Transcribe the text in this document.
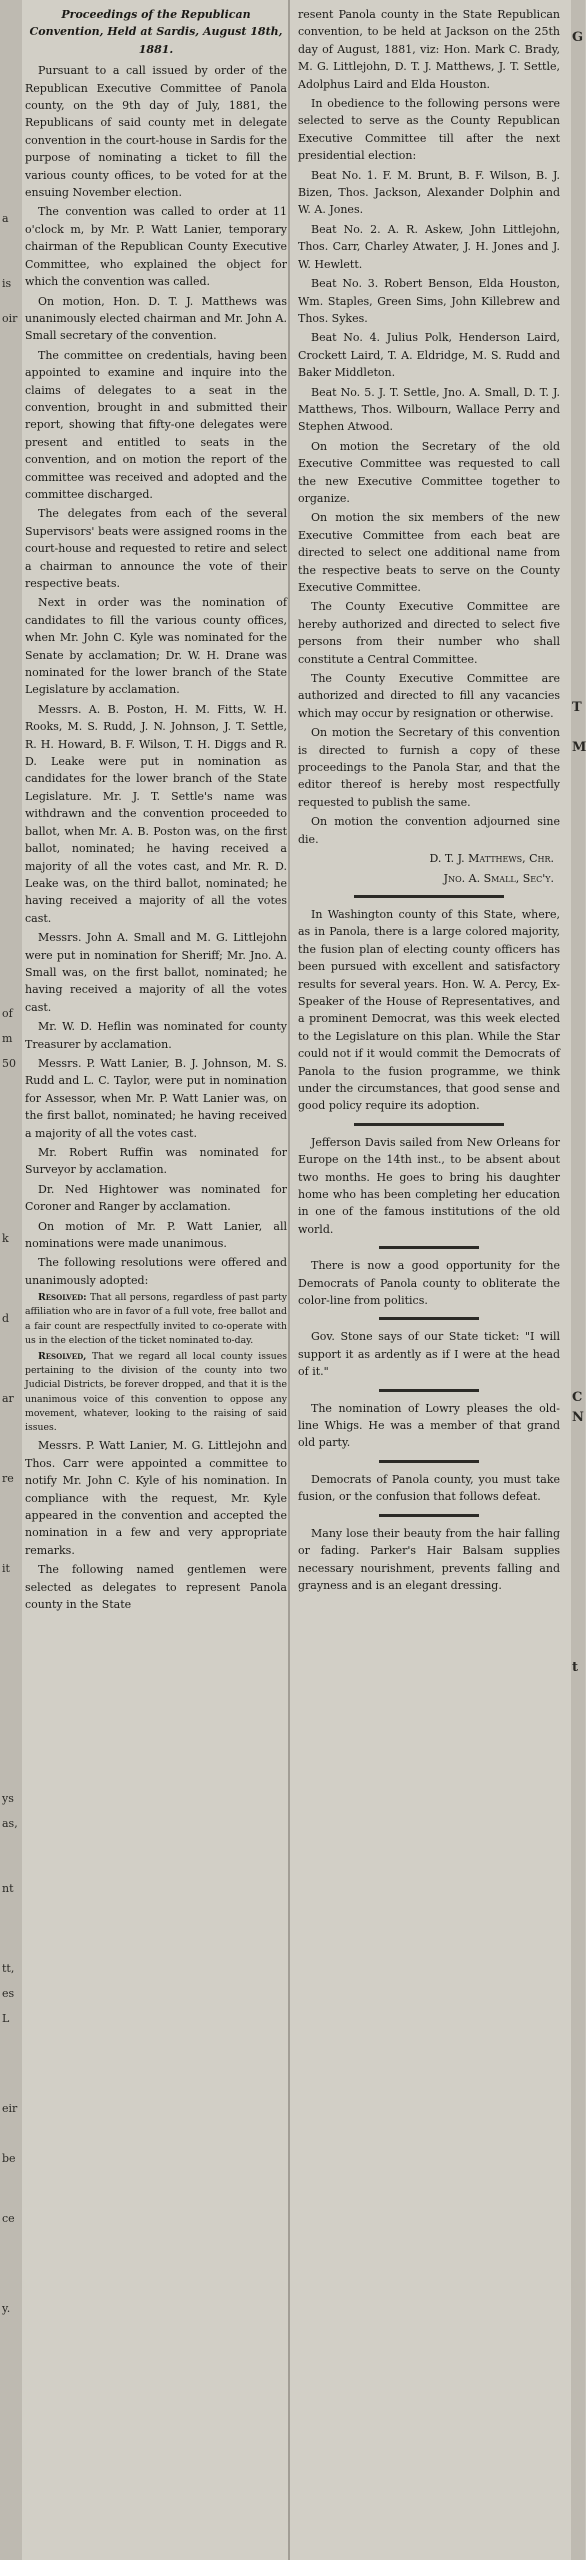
a
is
oir
of
m
50
k
d
ar
re
it
ys
as,
nt
tt,
es
L
eir
be
ce
y.
G
T
M
C
N
t

Proceedings of the Republican Convention, Held at Sardis, August 18th, 1881.

Pursuant to a call issued by order of the Republican Executive Committee of Panola county, on the 9th day of July, 1881, the Republicans of said county met in delegate convention in the court-house in Sardis for the purpose of nominating a ticket to fill the various county offices, to be voted for at the ensuing November election.

The convention was called to order at 11 o'clock m, by Mr. P. Watt Lanier, temporary chairman of the Republican County Executive Committee, who explained the object for which the convention was called.

On motion, Hon. D. T. J. Matthews was unanimously elected chairman and Mr. John A. Small secretary of the convention.

The committee on credentials, having been appointed to examine and inquire into the claims of delegates to a seat in the convention, brought in and submitted their report, showing that fifty-one delegates were present and entitled to seats in the convention, and on motion the report of the committee was received and adopted and the committee discharged.

The delegates from each of the several Supervisors' beats were assigned rooms in the court-house and requested to retire and select a chairman to announce the vote of their respective beats.

Next in order was the nomination of candidates to fill the various county offices, when Mr. John C. Kyle was nominated for the Senate by acclamation; Dr. W. H. Drane was nominated for the lower branch of the State Legislature by acclamation.

Messrs. A. B. Poston, H. M. Fitts, W. H. Rooks, M. S. Rudd, J. N. Johnson, J. T. Settle, R. H. Howard, B. F. Wilson, T. H. Diggs and R. D. Leake were put in nomination as candidates for the lower branch of the State Legislature. Mr. J. T. Settle's name was withdrawn and the convention proceeded to ballot, when Mr. A. B. Poston was, on the first ballot, nominated; he having received a majority of all the votes cast, and Mr. R. D. Leake was, on the third ballot, nominated; he having received a majority of all the votes cast.

Messrs. John A. Small and M. G. Littlejohn were put in nomination for Sheriff; Mr. Jno. A. Small was, on the first ballot, nominated; he having received a majority of all the votes cast.

Mr. W. D. Heflin was nominated for county Treasurer by acclamation.

Messrs. P. Watt Lanier, B. J. Johnson, M. S. Rudd and L. C. Taylor, were put in nomination for Assessor, when Mr. P. Watt Lanier was, on the first ballot, nominated; he having received a majority of all the votes cast.

Mr. Robert Ruffin was nominated for Surveyor by acclamation.

Dr. Ned Hightower was nominated for Coroner and Ranger by acclamation.

On motion of Mr. P. Watt Lanier, all nominations were made unanimous.

The following resolutions were offered and unanimously adopted:

Resolved: That all persons, regardless of past party affiliation who are in favor of a full vote, free ballot and a fair count are respectfully invited to co-operate with us in the election of the ticket nominated to-day.

Resolved, That we regard all local county issues pertaining to the division of the county into two Judicial Districts, be forever dropped, and that it is the unanimous voice of this convention to oppose any movement, whatever, looking to the raising of said issues.

Messrs. P. Watt Lanier, M. G. Littlejohn and Thos. Carr were appointed a committee to notify Mr. John C. Kyle of his nomination. In compliance with the request, Mr. Kyle appeared in the convention and accepted the nomination in a few and very appropriate remarks.

The following named gentlemen were selected as delegates to represent Panola county in the State

resent Panola county in the State Republican convention, to be held at Jackson on the 25th day of August, 1881, viz: Hon. Mark C. Brady, M. G. Littlejohn, D. T. J. Matthews, J. T. Settle, Adolphus Laird and Elda Houston.

In obedience to the following persons were selected to serve as the County Republican Executive Committee till after the next presidential election:

Beat No. 1. F. M. Brunt, B. F. Wilson, B. J. Bizen, Thos. Jackson, Alexander Dolphin and W. A. Jones.

Beat No. 2. A. R. Askew, John Littlejohn, Thos. Carr, Charley Atwater, J. H. Jones and J. W. Hewlett.

Beat No. 3. Robert Benson, Elda Houston, Wm. Staples, Green Sims, John Killebrew and Thos. Sykes.

Beat No. 4. Julius Polk, Henderson Laird, Crockett Laird, T. A. Eldridge, M. S. Rudd and Baker Middleton.

Beat No. 5. J. T. Settle, Jno. A. Small, D. T. J. Matthews, Thos. Wilbourn, Wallace Perry and Stephen Atwood.

On motion the Secretary of the old Executive Committee was requested to call the new Executive Committee together to organize.

On motion the six members of the new Executive Committee from each beat are directed to select one additional name from the respective beats to serve on the County Executive Committee.

The County Executive Committee are hereby authorized and directed to select five persons from their number who shall constitute a Central Committee.

The County Executive Committee are authorized and directed to fill any vacancies which may occur by resignation or otherwise.

On motion the Secretary of this convention is directed to furnish a copy of these proceedings to the Panola Star, and that the editor thereof is hereby most respectfully requested to publish the same.

On motion the convention adjourned sine die.

D. T. J. Matthews, Chr.

Jno. A. Small, Sec'y.

In Washington county of this State, where, as in Panola, there is a large colored majority, the fusion plan of electing county officers has been pursued with excellent and satisfactory results for several years. Hon. W. A. Percy, Ex-Speaker of the House of Representatives, and a prominent Democrat, was this week elected to the Legislature on this plan. While the Star could not if it would commit the Democrats of Panola to the fusion programme, we think under the circumstances, that good sense and good policy require its adoption.

Jefferson Davis sailed from New Orleans for Europe on the 14th inst., to be absent about two months. He goes to bring his daughter home who has been completing her education in one of the famous institutions of the old world.

There is now a good opportunity for the Democrats of Panola county to obliterate the color-line from politics.

Gov. Stone says of our State ticket: "I will support it as ardently as if I were at the head of it."

The nomination of Lowry pleases the old-line Whigs. He was a member of that grand old party.

Democrats of Panola county, you must take fusion, or the confusion that follows defeat.

Many lose their beauty from the hair falling or fading. Parker's Hair Balsam supplies necessary nourishment, prevents falling and grayness and is an elegant dressing.
